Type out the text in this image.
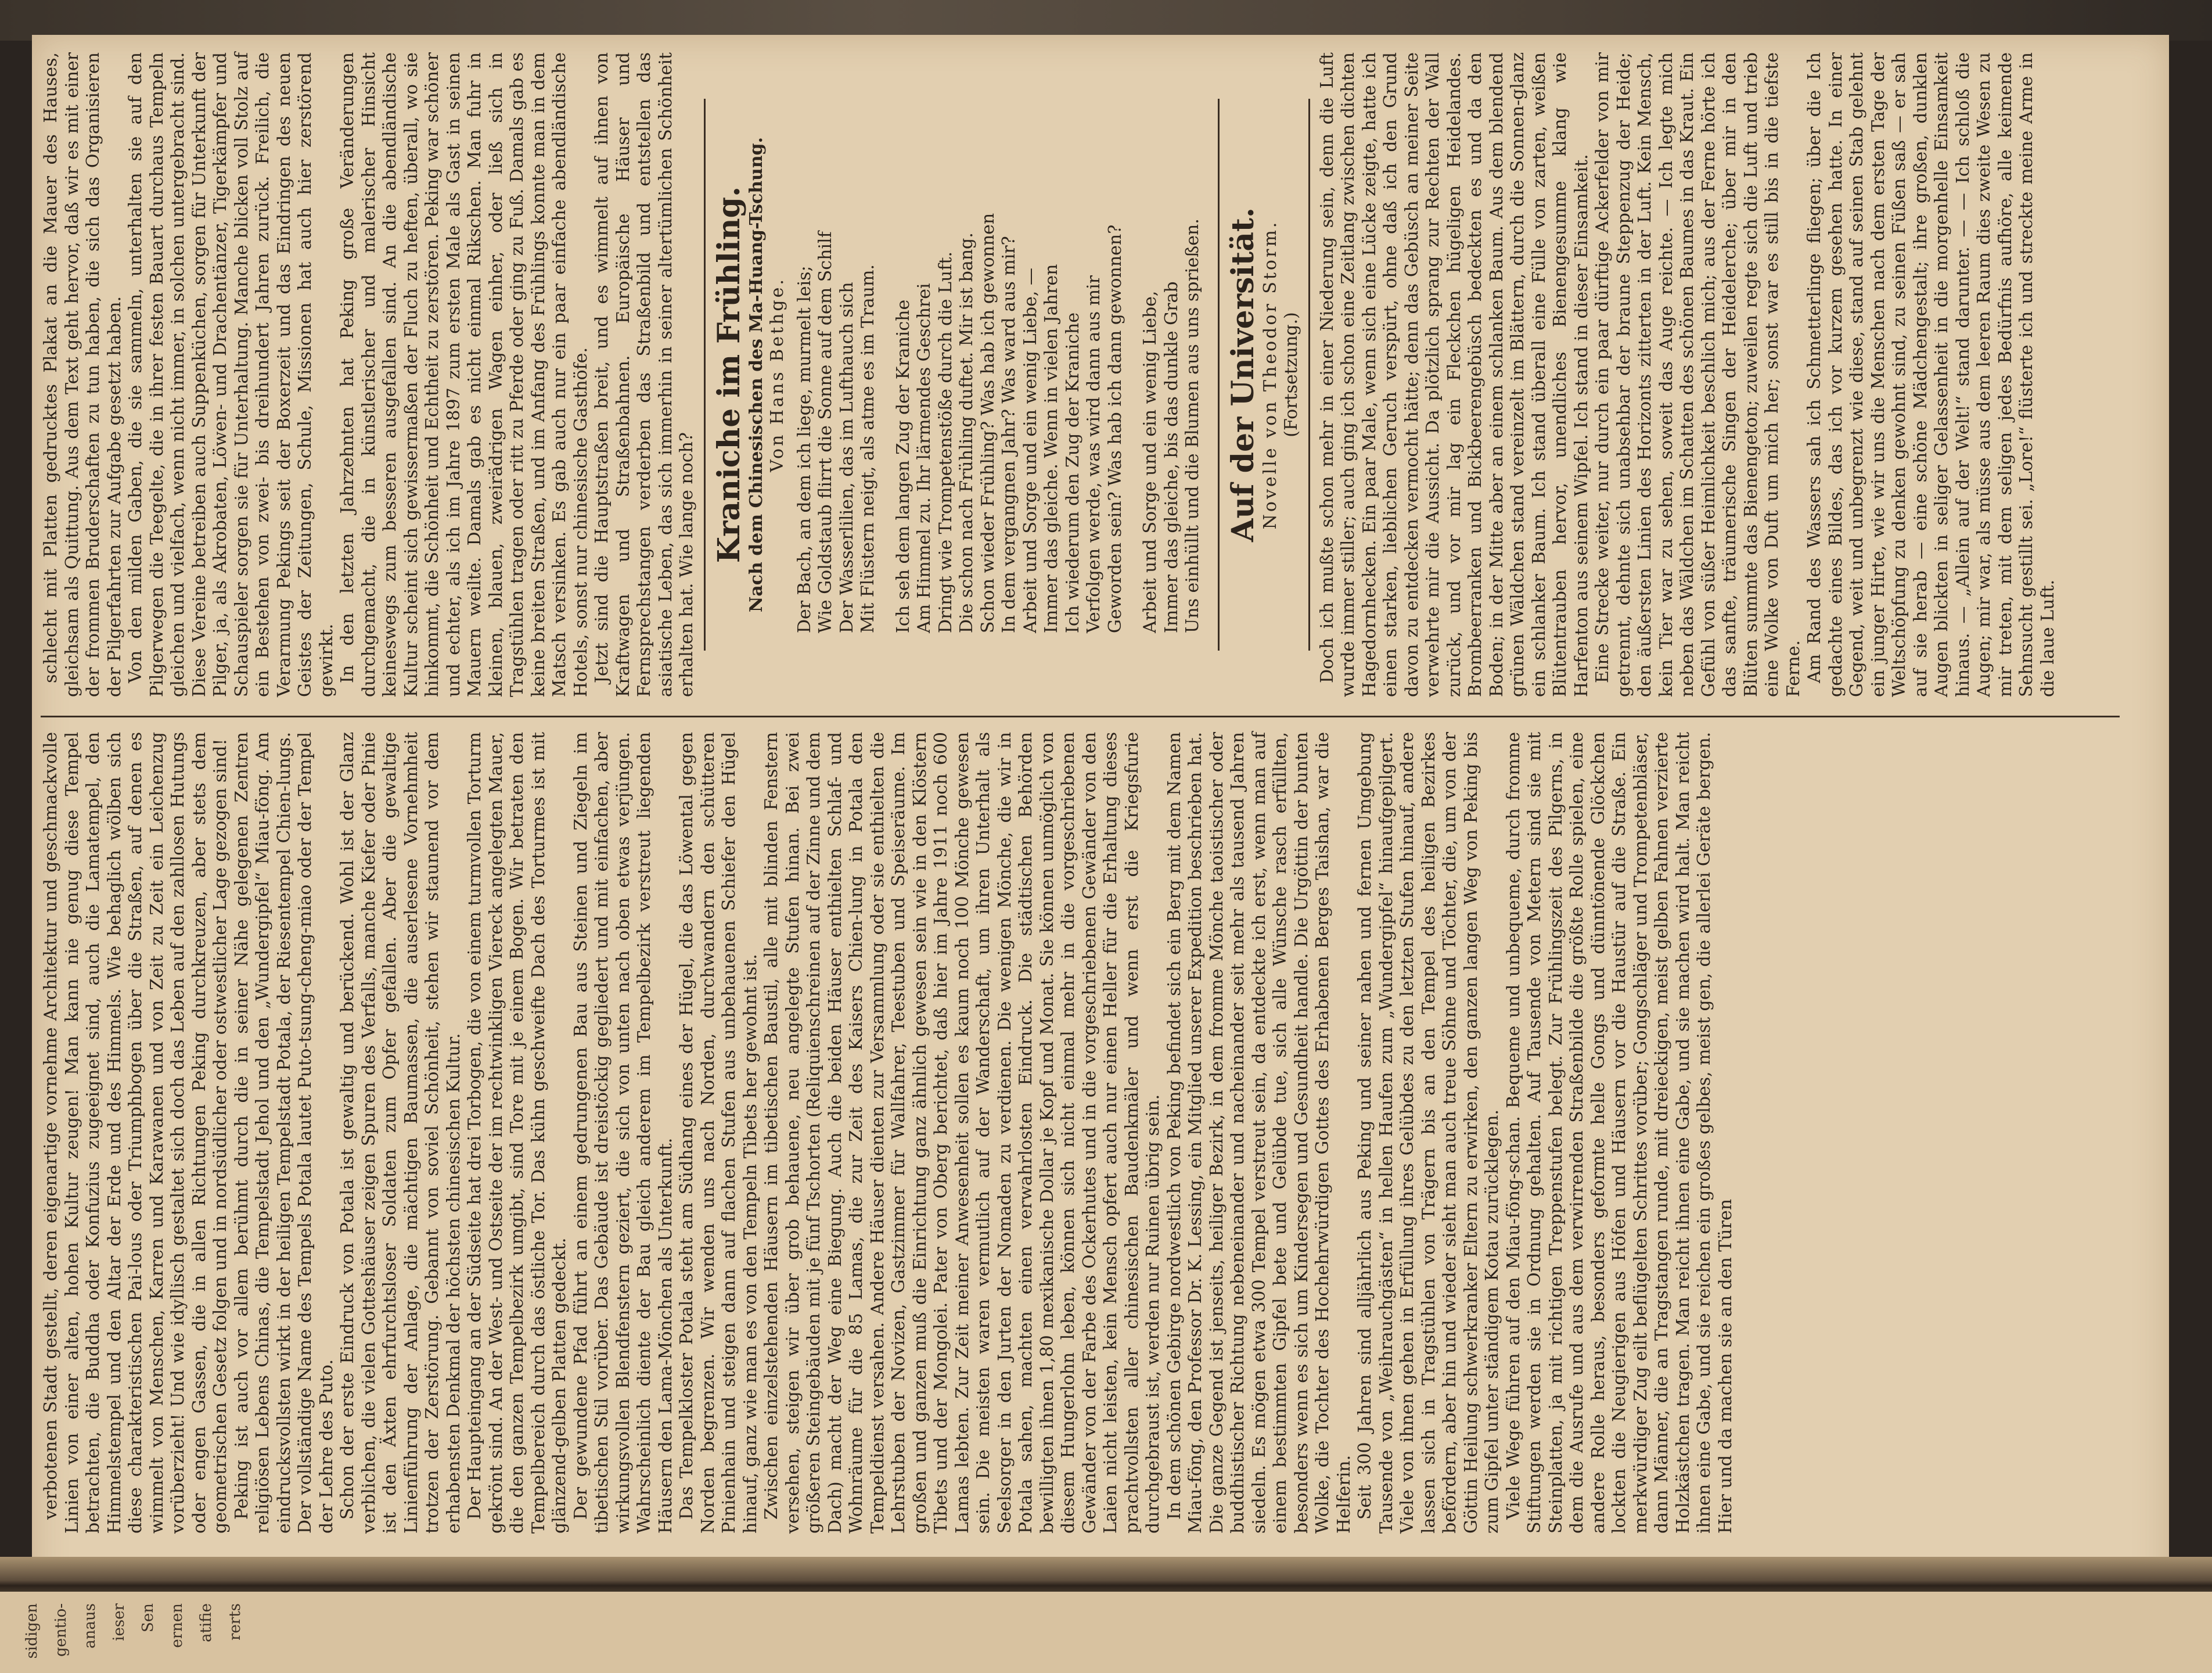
verbotenen Stadt gestellt, deren eigenartige vornehme Architektur und geschmackvolle Linien von einer alten, hohen Kultur zeugen! Man kann nie genug diese Tempel betrachten, die Buddha oder Konfuzius zugeeignet sind, auch die Lamatempel, den Himmelstempel und den Altar der Erde und des Himmels. Wie behaglich wölben sich diese charakteristischen Pai-lous oder Triumphbogen über die Straßen, auf denen es wimmelt von Menschen, Karren und Karawanen und von Zeit zu Zeit ein Leichenzug vorüberzieht! Und wie idyllisch gestaltet sich doch das Leben auf den zahllosen Hutungs oder engen Gassen, die in allen Richtungen Peking durchkreuzen, aber stets dem geometrischen Gesetz folgen und in nordsüdlicher oder ostwestlicher Lage gezogen sind! Peking ist auch vor allem berühmt durch die in seiner Nähe gelegenen Zentren religiösen Lebens Chinas, die Tempelstadt Jehol und den „Wundergipfel“ Miau-föng. Am eindrucksvollsten wirkt in der heiligen Tempelstadt Potala, der Riesentempel Chien-lungs. Der vollständige Name des Tempels Potala lautet Puto-tsung-cheng-miao oder der Tempel der Lehre des Puto. Schon der erste Eindruck von Potala ist gewaltig und berückend. Wohl ist der Glanz verblichen, die vielen Gotteshäuser zeigen Spuren des Verfalls, manche Kiefer oder Pinie ist den Äxten ehrfurchtsloser Soldaten zum Opfer gefallen. Aber die gewaltige Linienführung der Anlage, die mächtigen Baumassen, die auserlesene Vornehmheit trotzen der Zerstörung. Gebannt von soviel Schönheit, stehen wir staunend vor dem erhabensten Denkmal der höchsten chinesischen Kultur. Der Haupteingang an der Südseite hat drei Torbogen, die von einem turmvollen Torturm gekrönt sind. An der West- und Ostseite der im rechtwinkligen Viereck angelegten Mauer, die den ganzen Tempelbezirk umgibt, sind Tore mit je einem Bogen. Wir betraten den Tempelbereich durch das östliche Tor. Das kühn geschweifte Dach des Torturmes ist mit glänzend-gelben Platten gedeckt. Der gewundene Pfad führt an einem gedrungenen Bau aus Steinen und Ziegeln im tibetischen Stil vorüber. Das Gebäude ist dreistöckig gegliedert und mit einfachen, aber wirkungsvollen Blendfenstern geziert, die sich von unten nach oben etwas verjüngen. Wahrscheinlich diente der Bau gleich anderem im Tempelbezirk verstreut liegenden Häusern den Lama-Mönchen als Unterkunft. Das Tempelkloster Potala steht am Südhang eines der Hügel, die das Löwental gegen Norden begrenzen. Wir wenden uns nach Norden, durchwandern den schütteren Pinienhain und steigen dann auf flachen Stufen aus unbehauenen Schiefer den Hügel hinauf, ganz wie man es von den Tempeln Tibets her gewohnt ist. Zwischen einzelstehenden Häusern im tibetischen Baustil, alle mit blinden Fenstern versehen, steigen wir über grob behauene, neu angelegte Stufen hinan. Bei zwei größeren Steingebäuden mit je fünf Tschorten (Reliquienschreinen auf der Zinne und dem Dach) macht der Weg eine Biegung. Auch die beiden Häuser enthielten Schlaf- und Wohnräume für die 85 Lamas, die zur Zeit des Kaisers Chien-lung in Potala den Tempeldienst versahen. Andere Häuser dienten zur Versammlung oder sie enthielten die Lehrstuben der Novizen, Gastzimmer für Wallfahrer, Teestuben und Speiseräume. Im großen und ganzen muß die Einrichtung ganz ähnlich gewesen sein wie in den Klöstern Tibets und der Mongolei. Pater von Oberg berichtet, daß hier im Jahre 1911 noch 600 Lamas lebten. Zur Zeit meiner Anwesenheit sollen es kaum noch 100 Mönche gewesen sein. Die meisten waren vermutlich auf der Wanderschaft, um ihren Unterhalt als Seelsorger in den Jurten der Nomaden zu verdienen. Die wenigen Mönche, die wir in Potala sahen, machten einen verwahrlosten Eindruck. Die städtischen Behörden bewilligten ihnen 1,80 mexikanische Dollar je Kopf und Monat. Sie können unmöglich von diesem Hungerlohn leben, können sich nicht einmal mehr in die vorgeschriebenen Gewänder von der Farbe des Ockerhutes und in die vorgeschriebenen Gewänder von den Laien nicht leisten, kein Mensch opfert auch nur einen Heller für die Erhaltung dieses prachtvollsten aller chinesischen Baudenkmäler und wenn erst die Kriegsfurie durchgebraust ist, werden nur Ruinen übrig sein. In dem schönen Gebirge nordwestlich von Peking befindet sich ein Berg mit dem Namen Miau-föng, den Professor Dr. K. Lessing, ein Mitglied unserer Expedition beschrieben hat. Die ganze Gegend ist jenseits, heiliger Bezirk, in dem fromme Mönche taoistischer oder buddhistischer Richtung nebeneinander und nacheinander seit mehr als tausend Jahren siedeln. Es mögen etwa 300 Tempel verstreut sein, da entdeckte ich erst, wenn man auf einem bestimmten Gipfel bete und Gelübde tue, sich alle Wünsche rasch erfüllten, besonders wenn es sich um Kindersegen und Gesundheit handle. Die Urgöttin der bunten Wolke, die Tochter des Hochehrwürdigen Gottes des Erhabenen Berges Taishan, war die Helferin. Seit 300 Jahren sind alljährlich aus Peking und seiner nahen und fernen Umgebung Tausende von „Weihrauchgästen“ in hellen Haufen zum „Wundergipfel“ hinaufgepilgert. Viele von ihnen gehen in Erfüllung ihres Gelübdes zu den letzten Stufen hinauf, andere lassen sich in Tragstühlen von Trägern bis an den Tempel des heiligen Bezirkes befördern, aber hin und wieder sieht man auch treue Söhne und Töchter, die, um von der Göttin Heilung schwerkranker Eltern zu erwirken, den ganzen langen Weg von Peking bis zum Gipfel unter ständigem Kotau zurücklegen. Viele Wege führen auf den Miau-föng-schan. Bequeme und unbequeme, durch fromme Stiftungen werden sie in Ordnung gehalten. Auf Tausende von Metern sind sie mit Steinplatten, ja mit richtigen Treppenstufen belegt. Zur Frühlingszeit des Pilgerns, in dem die Ausrufe und aus dem verwirrenden Straßenbilde die größte Rolle spielen, eine andere Rolle heraus, besonders geformte helle Gongs und dünntönende Glöckchen lockten die Neugierigen aus Höfen und Häusern vor die Haustür auf die Straße. Ein merkwürdiger Zug eilt beflügelten Schrittes vorüber; Gongschläger und Trompetenbläser, dann Männer, die an Tragstangen runde, mit dreieckigen, meist gelben Fahnen verzierte Holzkästchen tragen. Man reicht ihnen eine Gabe, und sie machen wird halt. Man reicht ihnen eine Gabe, und sie reichen ein großes gelbes, meist gen, die allerlei Geräte bergen. Hier und da machen sie an den Türen

schlecht mit Platten gedrucktes Plakat an die Mauer des Hauses, gleichsam als Quittung. Aus dem Text geht hervor, daß wir es mit einer der frommen Bruderschaften zu tun haben, die sich das Organisieren der Pilgerfahrten zur Aufgabe gesetzt haben. Von den milden Gaben, die sie sammeln, unterhalten sie auf den Pilgerwegen die Teegelte, die in ihrer festen Bauart durchaus Tempeln gleichen und vielfach, wenn nicht immer, in solchen untergebracht sind. Diese Vereine betreiben auch Suppenküchen, sorgen für Unterkunft der Pilger, ja, als Akrobaten, Löwen- und Drachentänzer, Tigerkämpfer und Schauspieler sorgen sie für Unterhaltung. Manche blicken voll Stolz auf ein Bestehen von zwei- bis dreihundert Jahren zurück. Freilich, die Verarmung Pekings seit der Boxerzeit und das Eindringen des neuen Geistes der Zeitungen, Schule, Missionen hat auch hier zerstörend gewirkt. In den letzten Jahrzehnten hat Peking große Veränderungen durchgemacht, die in künstlerischer und malerischer Hinsicht keineswegs zum besseren ausgefallen sind. An die abendländische Kultur scheint sich gewissermaßen der Fluch zu heften, überall, wo sie hinkommt, die Schönheit und Echtheit zu zerstören. Peking war schöner und echter, als ich im Jahre 1897 zum ersten Male als Gast in seinen Mauern weilte. Damals gab es nicht einmal Rikschen. Man fuhr in kleinen, blauen, zweirädrigen Wagen einher, oder ließ sich in Tragstühlen tragen oder ritt zu Pferde oder ging zu Fuß. Damals gab es keine breiten Straßen, und im Anfang des Frühlings konnte man in dem Matsch versinken. Es gab auch nur ein paar einfache abendländische Hotels, sonst nur chinesische Gasthöfe. Jetzt sind die Hauptstraßen breit, und es wimmelt auf ihnen von Kraftwagen und Straßenbahnen. Europäische Häuser und Fernsprechstangen verderben das Straßenbild und entstellen das asiatische Leben, das sich immerhin in seiner altertümlichen Schönheit erhalten hat. Wie lange noch?

Kraniche im Frühling. Nach dem Chinesischen des Ma-Huang-Tschung. Von Hans Bethge. Der Bach, an dem ich liege, murmelt leis; Wie Goldstaub flirrt die Sonne auf dem Schilf Der Wasserlilien, das im Lufthauch sich Mit Flüstern neigt, als atme es im Traum. Ich seh dem langen Zug der Kraniche Am Himmel zu. Ihr lärmendes Geschrei Dringt wie Trompetenstöße durch die Luft. Die schon nach Frühling duftet. Mir ist bang. Schon wieder Frühling? Was hab ich gewonnen In dem vergangnen Jahr? Was ward aus mir? Arbeit und Sorge und ein wenig Liebe, — Immer das gleiche. Wenn in vielen Jahren Ich wiederum den Zug der Kraniche Verfolgen werde, was wird dann aus mir Geworden sein? Was hab ich dann gewonnen? Arbeit und Sorge und ein wenig Liebe, Immer das gleiche, bis das dunkle Grab Uns einhüllt und die Blumen aus uns sprießen. Auf der Universität. Novelle von Theodor Storm. (Fortsetzung.) Doch ich mußte schon mehr in einer Niederung sein, denn die Luft wurde immer stiller; auch ging ich schon eine Zeitlang zwischen dichten Hagedornhecken. Ein paar Male, wenn sich eine Lücke zeigte, hatte ich einen starken, lieblichen Geruch verspürt, ohne daß ich den Grund davon zu entdecken vermocht hätte; denn das Gebüsch an meiner Seite verwehrte mir die Aussicht. Da plötzlich sprang zur Rechten der Wall zurück, und vor mir lag ein Fleckchen hügeligen Heidelandes. Brombeerranken und Bickbeerengebüsch bedeckten es und da den Boden; in der Mitte aber an einem schlanken Baum. Aus dem blendend grünen Wäldchen stand vereinzelt im Blättern, durch die Sonnen-glanz ein schlanker Baum. Ich stand überall eine Fülle von zarten, weißen Blütentrauben hervor, unendliches Bienengesumme klang wie Harfenton aus seinem Wipfel. Ich stand in dieser Einsamkeit. Eine Strecke weiter, nur durch ein paar dürftige Ackerfelder von mir getrennt, dehnte sich unabsehbar der braune Steppenzug der Heide; den äußersten Linien des Horizonts zitterten in der Luft. Kein Mensch, kein Tier war zu sehen, soweit das Auge reichte. — Ich legte mich neben das Wäldchen im Schatten des schönen Baumes in das Kraut. Ein Gefühl von süßer Heimlichkeit beschlich mich; aus der Ferne hörte ich das sanfte, träumerische Singen der Heidelerche; über mir in den Blüten summte das Bienengeton; zuweilen regte sich die Luft und trieb eine Wolke von Duft um mich her; sonst war es still bis in die tiefste Ferne. Am Rand des Wassers sah ich Schmetterlinge fliegen; über die Ich gedachte eines Bildes, das ich vor kurzem gesehen hatte. In einer Gegend, weit und unbegrenzt wie diese, stand auf seinen Stab gelehnt ein junger Hirte, wie wir uns die Menschen nach dem ersten Tage der Weltschöpfung zu denken gewohnt sind, zu seinen Füßen saß — er sah auf sie herab — eine schöne Mädchengestalt; ihre großen, dunklen Augen blickten in seliger Gelassenheit in die morgenhelle Einsamkeit hinaus. — „Allein auf der Welt!“ stand darunter. — — Ich schloß die Augen; mir war, als müsse aus dem leeren Raum dies zweite Wesen zu mir treten, mit dem seligen jedes Bedürfnis aufhöre, alle keimende Sehnsucht gestillt sei. „Lore!“ flüsterte ich und streckte meine Arme in die laue Luft.

sidigen gentio- anaus ieser Sen ernen atifie rerts
